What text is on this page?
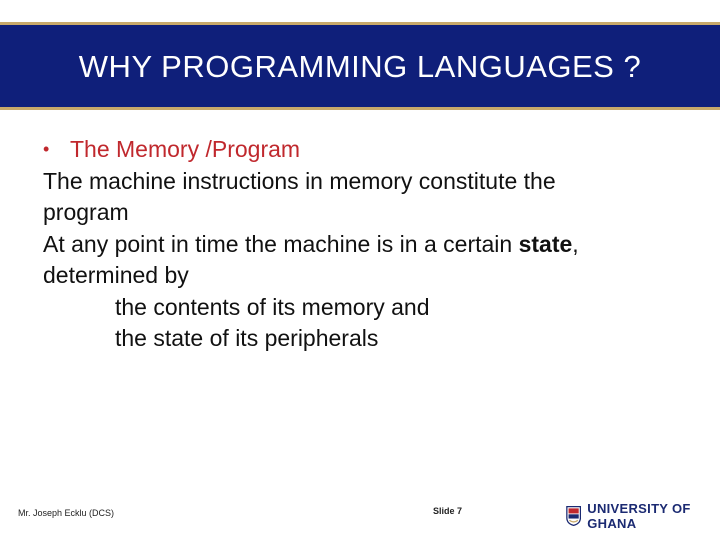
WHY PROGRAMMING LANGUAGES ?
• The Memory /Program
The machine instructions in memory constitute the
program
At any point in time the machine is in a certain state,
determined by
the contents of its memory and
the state of its peripherals
Mr. Joseph Ecklu (DCS)	Slide 7	UNIVERSITY OF GHANA
